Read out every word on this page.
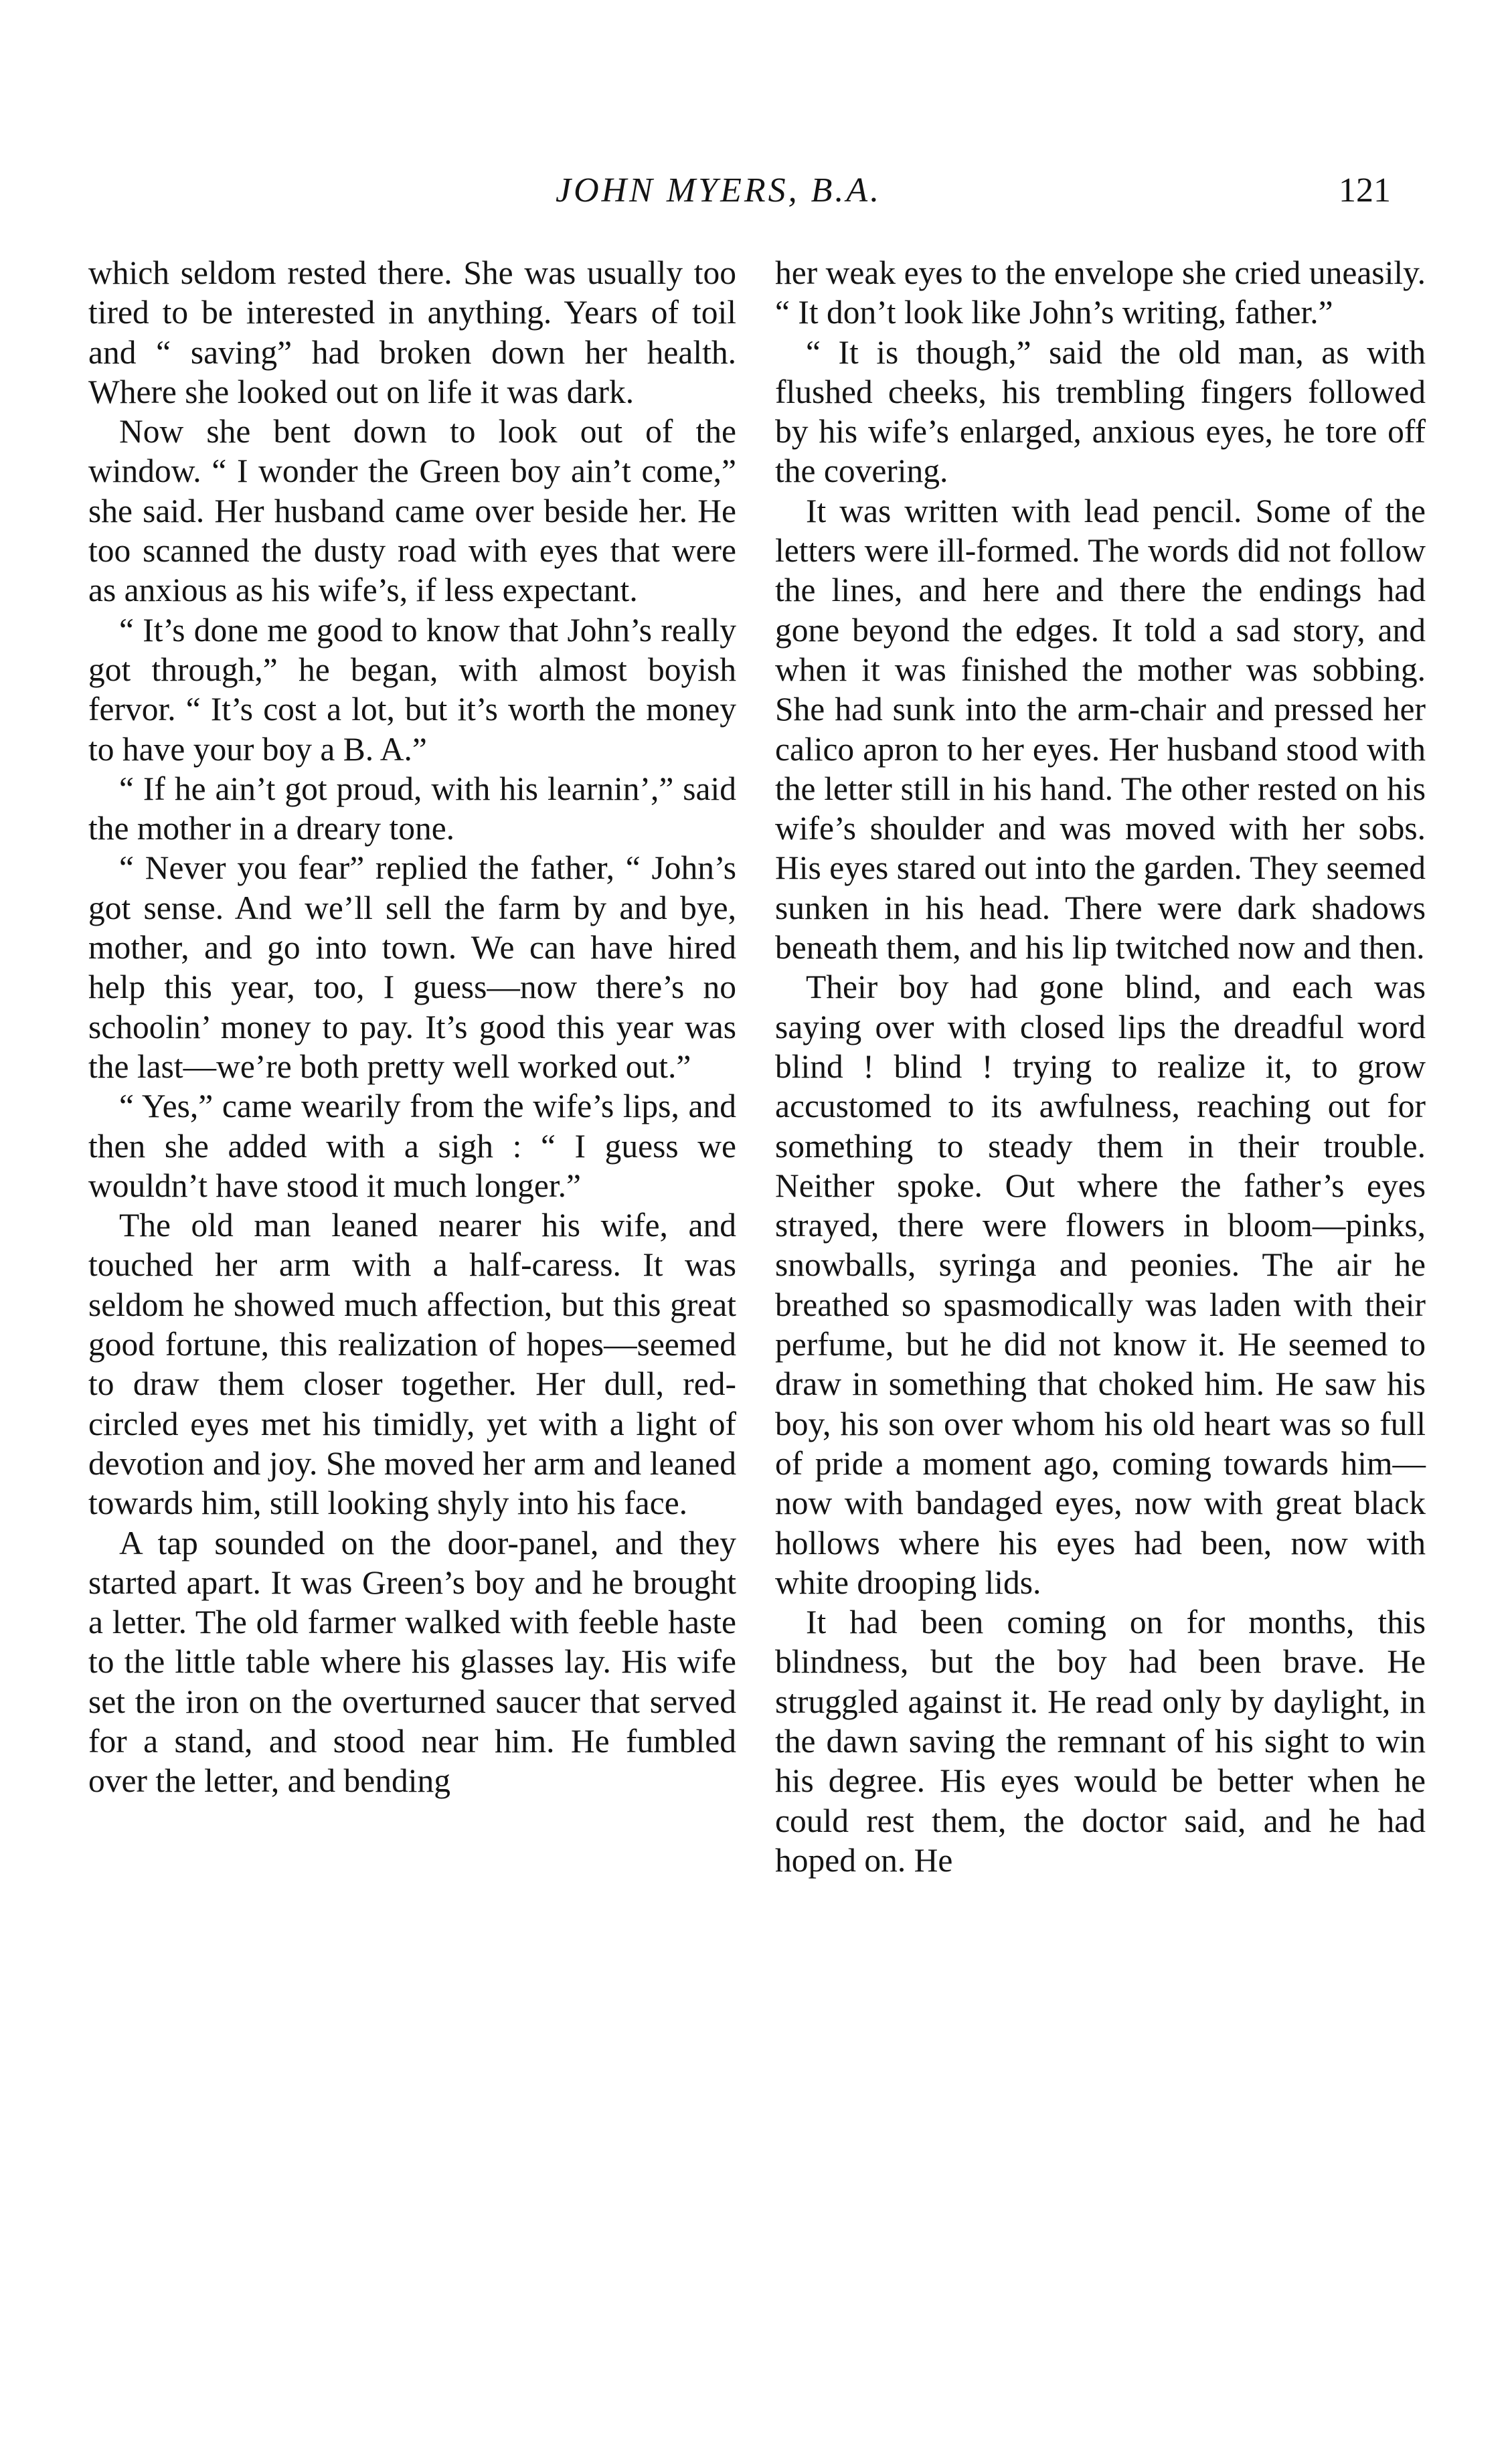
JOHN MYERS, B.A.	121

which seldom rested there. She was usually too tired to be interested in anything. Years of toil and “ saving” had broken down her health. Where she looked out on life it was dark.

Now she bent down to look out of the window. “ I wonder the Green boy ain’t come,” she said. Her husband came over beside her. He too scanned the dusty road with eyes that were as anxious as his wife’s, if less expectant.

“ It’s done me good to know that John’s really got through,” he began, with almost boyish fervor. “ It’s cost a lot, but it’s worth the money to have your boy a B. A.”

“ If he ain’t got proud, with his learnin’,” said the mother in a dreary tone.

“ Never you fear” replied the father, “ John’s got sense. And we’ll sell the farm by and bye, mother, and go into town. We can have hired help this year, too, I guess—now there’s no schoolin’ money to pay. It’s good this year was the last—we’re both pretty well worked out.”

“ Yes,” came wearily from the wife’s lips, and then she added with a sigh : “ I guess we wouldn’t have stood it much longer.”

The old man leaned nearer his wife, and touched her arm with a half-caress. It was seldom he showed much affection, but this great good fortune, this realization of hopes—seemed to draw them closer together. Her dull, red-circled eyes met his timidly, yet with a light of devotion and joy. She moved her arm and leaned towards him, still looking shyly into his face.

A tap sounded on the door-panel, and they started apart. It was Green’s boy and he brought a letter. The old farmer walked with feeble haste to the little table where his glasses lay. His wife set the iron on the overturned saucer that served for a stand, and stood near him. He fumbled over the letter, and bending

her weak eyes to the envelope she cried uneasily. “ It don’t look like John’s writing, father.”

“ It is though,” said the old man, as with flushed cheeks, his trembling fingers followed by his wife’s enlarged, anxious eyes, he tore off the covering.

It was written with lead pencil. Some of the letters were ill-formed. The words did not follow the lines, and here and there the endings had gone beyond the edges. It told a sad story, and when it was finished the mother was sobbing. She had sunk into the arm-chair and pressed her calico apron to her eyes. Her husband stood with the letter still in his hand. The other rested on his wife’s shoulder and was moved with her sobs. His eyes stared out into the garden. They seemed sunken in his head. There were dark shadows beneath them, and his lip twitched now and then.

Their boy had gone blind, and each was saying over with closed lips the dreadful word blind ! blind ! trying to realize it, to grow accustomed to its awfulness, reaching out for something to steady them in their trouble. Neither spoke. Out where the father’s eyes strayed, there were flowers in bloom—pinks, snowballs, syringa and peonies. The air he breathed so spasmodically was laden with their perfume, but he did not know it. He seemed to draw in something that choked him. He saw his boy, his son over whom his old heart was so full of pride a moment ago, coming towards him—now with bandaged eyes, now with great black hollows where his eyes had been, now with white drooping lids.

It had been coming on for months, this blindness, but the boy had been brave. He struggled against it. He read only by daylight, in the dawn saving the remnant of his sight to win his degree. His eyes would be better when he could rest them, the doctor said, and he had hoped on. He
